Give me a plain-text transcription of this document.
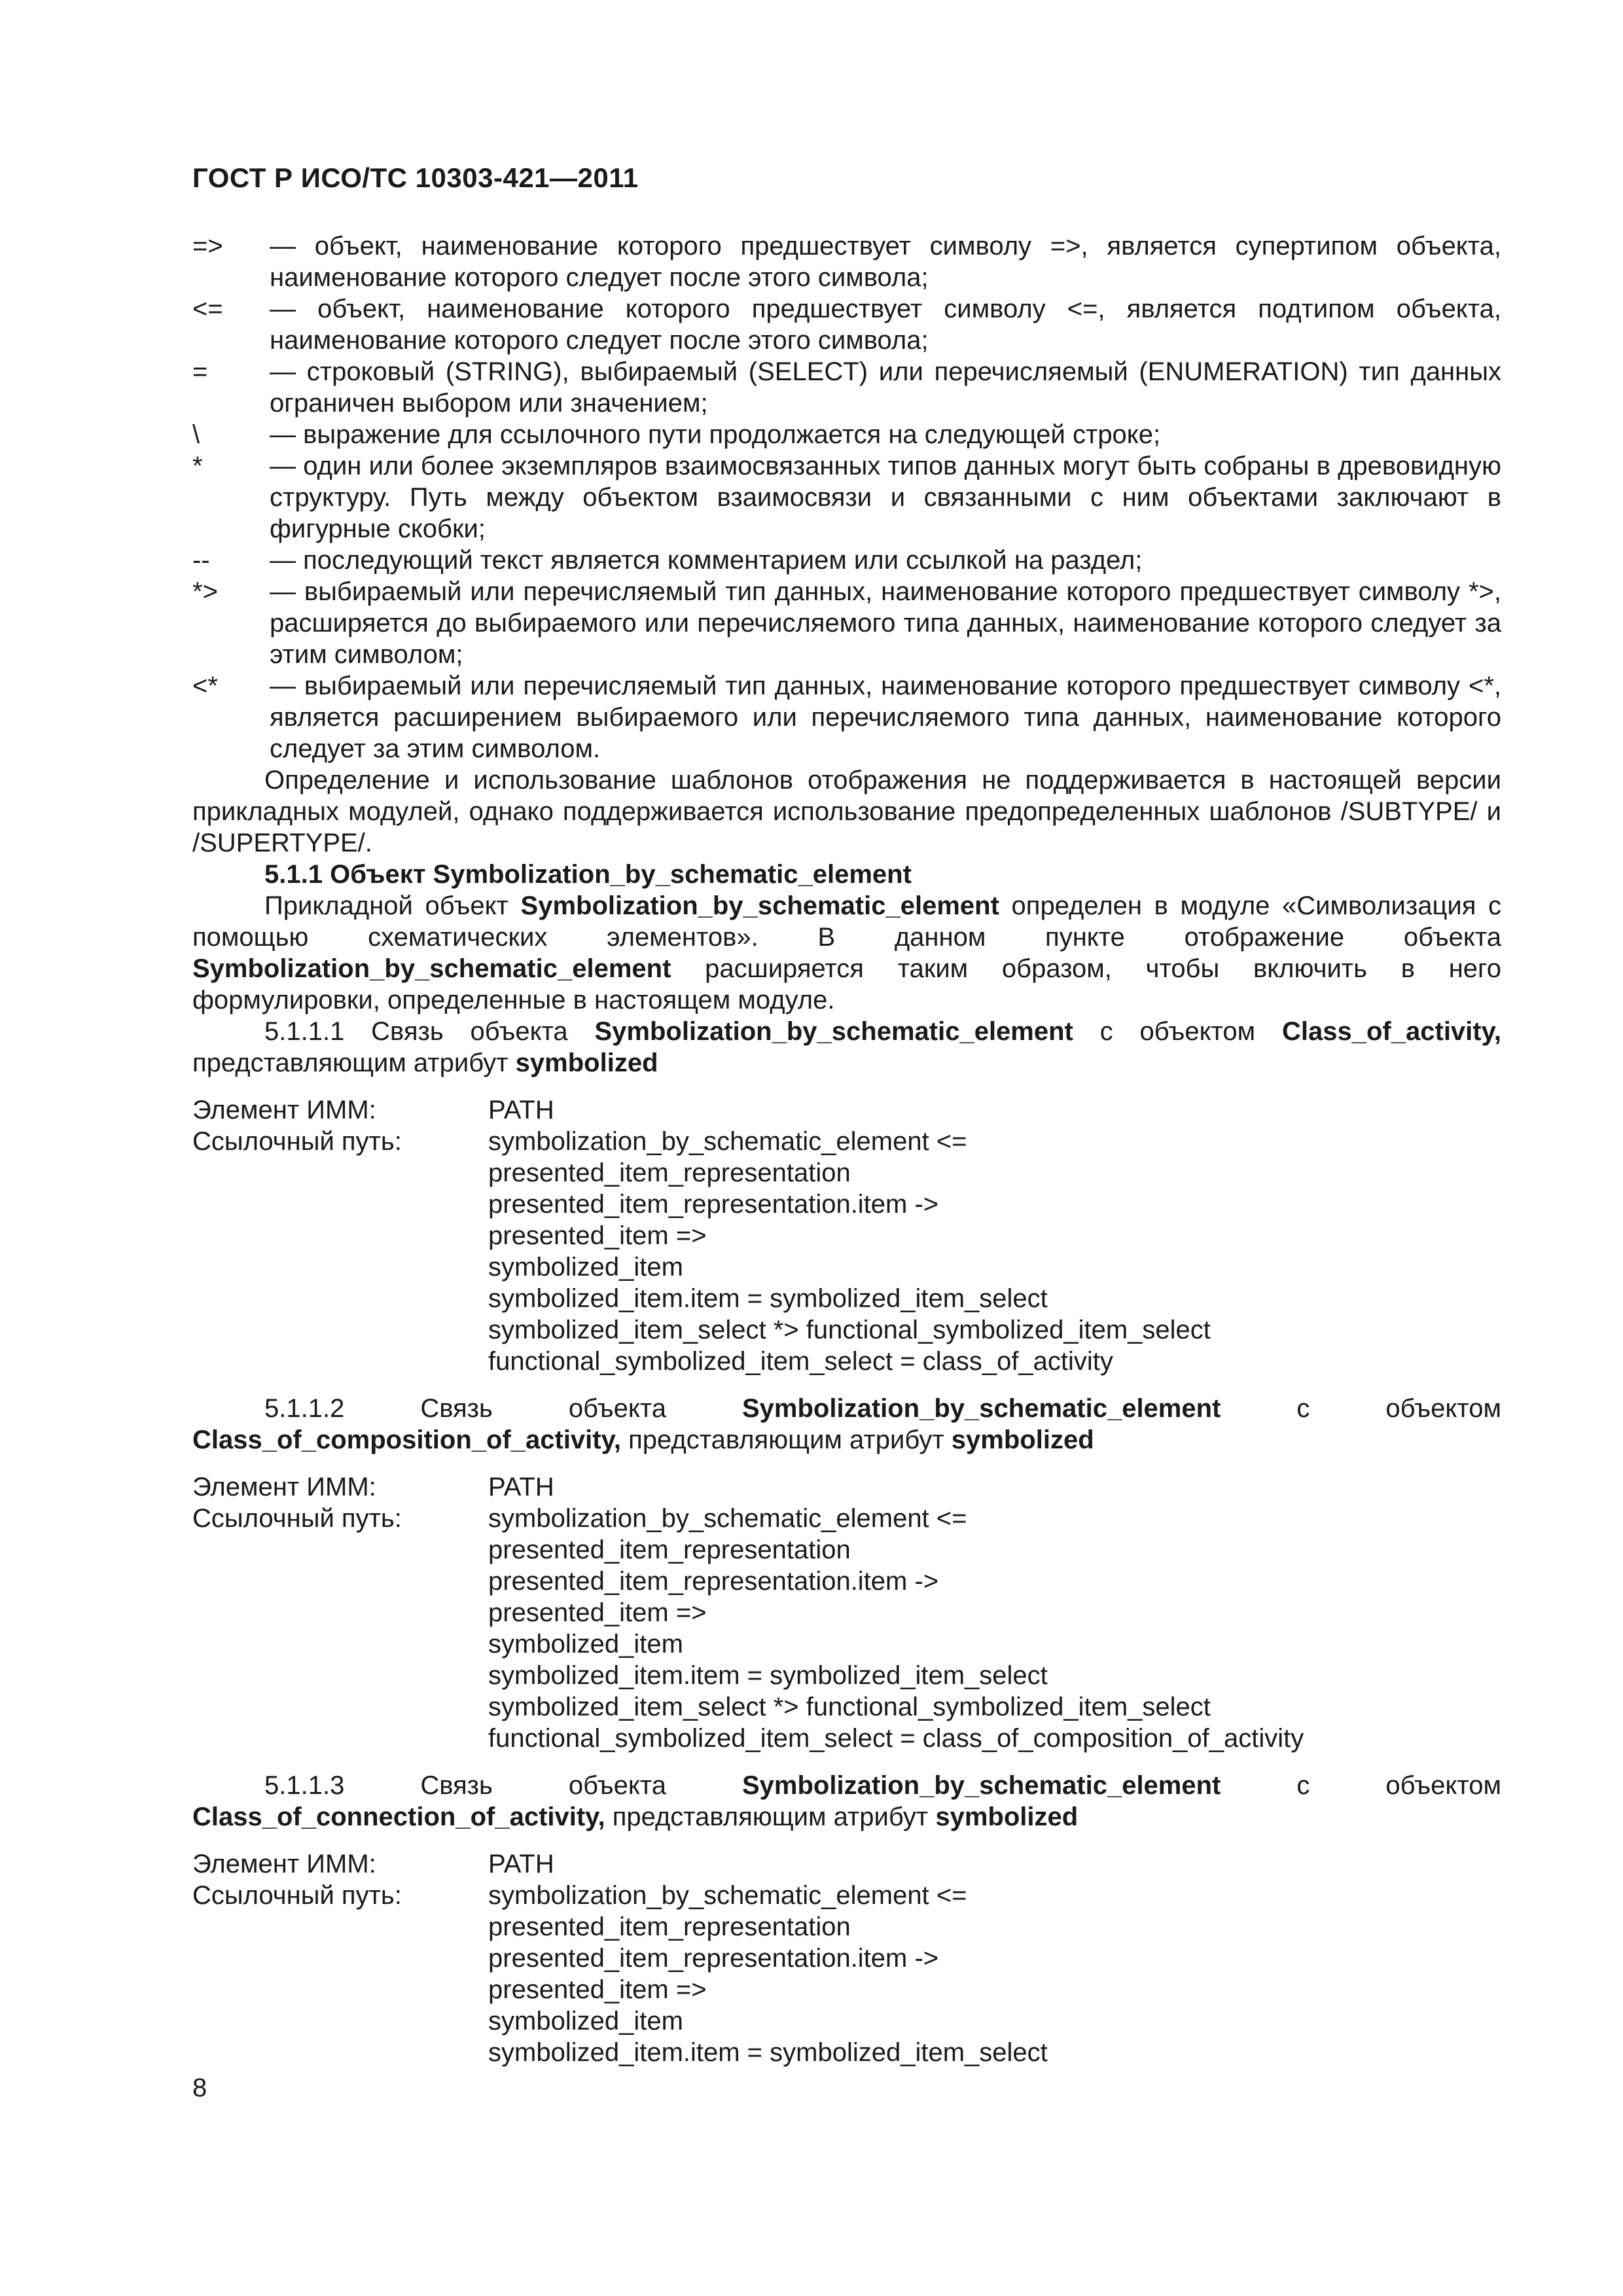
ГОСТ Р ИСО/ТС 10303-421—2011
=>	— объект, наименование которого предшествует символу =>, является супертипом объекта, наименование которого следует после этого символа;
<=	— объект, наименование которого предшествует символу <=, является подтипом объекта, наименование которого следует после этого символа;
=	— строковый (STRING), выбираемый (SELECT) или перечисляемый (ENUMERATION) тип данных ограничен выбором или значением;
\	— выражение для ссылочного пути продолжается на следующей строке;
*	— один или более экземпляров взаимосвязанных типов данных могут быть собраны в древовидную структуру. Путь между объектом взаимосвязи и связанными с ним объектами заключают в фигурные скобки;
--	— последующий текст является комментарием или ссылкой на раздел;
*>	— выбираемый или перечисляемый тип данных, наименование которого предшествует символу *>, расширяется до выбираемого или перечисляемого типа данных, наименование которого следует за этим символом;
<*	— выбираемый или перечисляемый тип данных, наименование которого предшествует символу <*, является расширением выбираемого или перечисляемого типа данных, наименование которого следует за этим символом.
Определение и использование шаблонов отображения не поддерживается в настоящей версии прикладных модулей, однако поддерживается использование предопределенных шаблонов /SUBTYPE/ и /SUPERTYPE/.
5.1.1 Объект Symbolization_by_schematic_element
Прикладной объект Symbolization_by_schematic_element определен в модуле «Символизация с помощью схематических элементов». В данном пункте отображение объекта Symbolization_by_schematic_element расширяется таким образом, чтобы включить в него формулировки, определенные в настоящем модуле.
5.1.1.1 Связь объекта Symbolization_by_schematic_element с объектом Class_of_activity, представляющим атрибут symbolized
Элемент ИММ:	PATH
Ссылочный путь:	symbolization_by_schematic_element <=
presented_item_representation
presented_item_representation.item ->
presented_item =>
symbolized_item
symbolized_item.item = symbolized_item_select
symbolized_item_select *> functional_symbolized_item_select
functional_symbolized_item_select = class_of_activity
5.1.1.2 Связь объекта Symbolization_by_schematic_element с объектом Class_of_composition_of_activity, представляющим атрибут symbolized
Элемент ИММ:	PATH
Ссылочный путь:	symbolization_by_schematic_element <=
presented_item_representation
presented_item_representation.item ->
presented_item =>
symbolized_item
symbolized_item.item = symbolized_item_select
symbolized_item_select *> functional_symbolized_item_select
functional_symbolized_item_select = class_of_composition_of_activity
5.1.1.3 Связь объекта Symbolization_by_schematic_element с объектом Class_of_connection_of_activity, представляющим атрибут symbolized
Элемент ИММ:	PATH
Ссылочный путь:	symbolization_by_schematic_element <=
presented_item_representation
presented_item_representation.item ->
presented_item =>
symbolized_item
symbolized_item.item = symbolized_item_select
8
